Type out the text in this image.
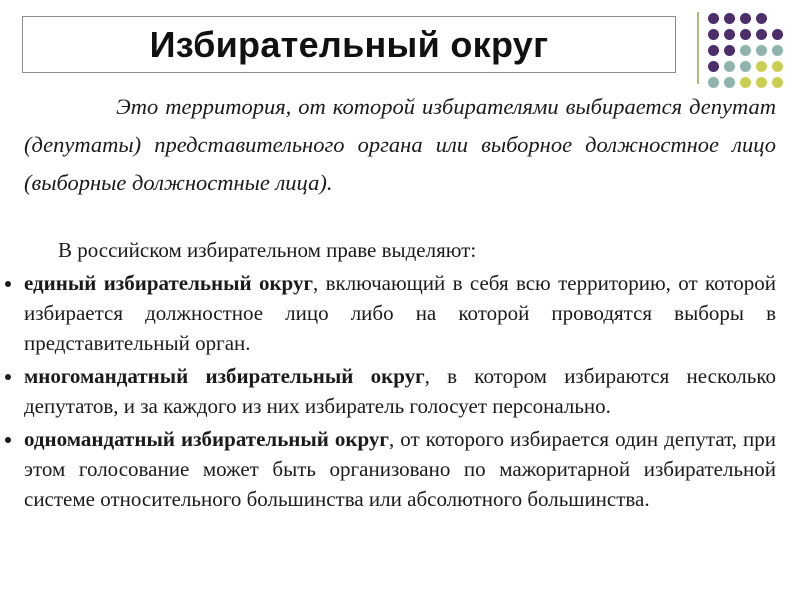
Избирательный округ
Это территория, от которой избирателями выбирается депутат (депутаты) представительного органа или выборное должностное лицо (выборные должностные лица).
В российском избирательном праве выделяют:
единый избирательный округ, включающий в себя всю территорию, от которой избирается должностное лицо либо на которой проводятся выборы в представительный орган.
многомандатный избирательный округ, в котором избираются несколько депутатов, и за каждого из них избиратель голосует персонально.
одномандатный избирательный округ, от которого избирается один депутат, при этом голосование может быть организовано по мажоритарной избирательной системе относительного большинства или абсолютного большинства.
